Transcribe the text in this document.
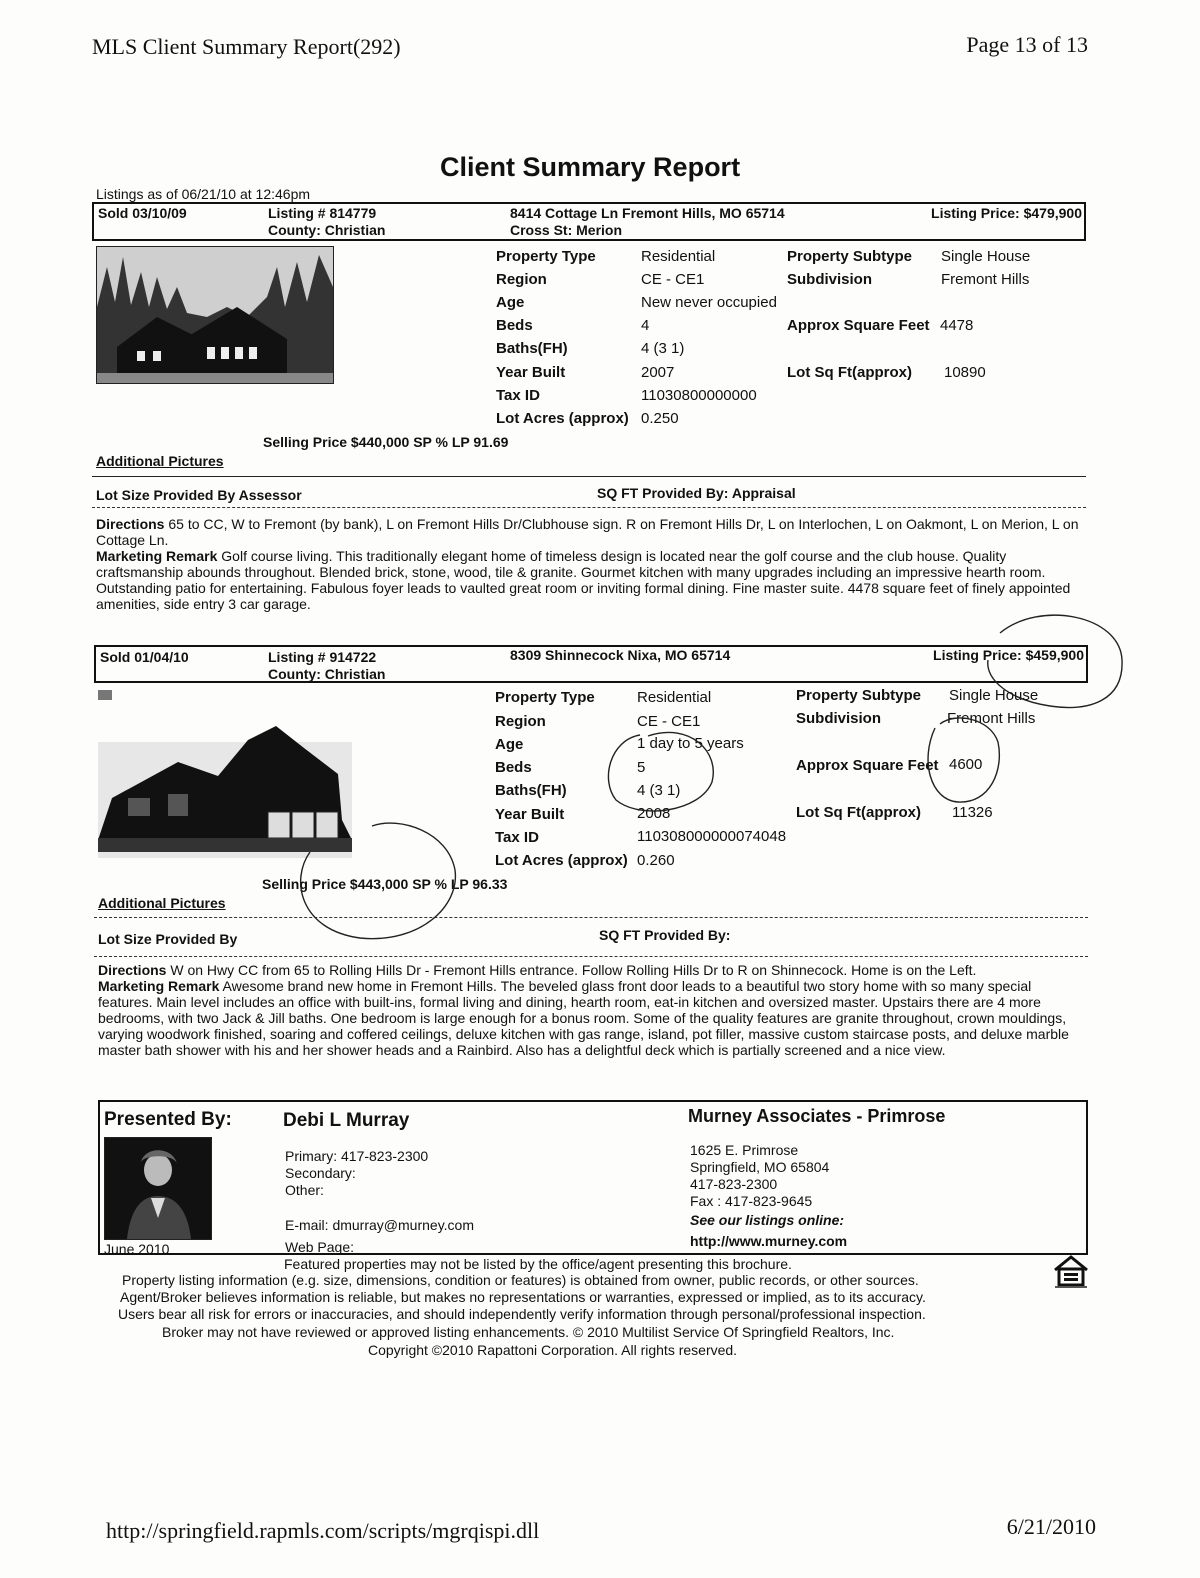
MLS Client Summary Report(292)	Page 13 of 13
Client Summary Report
Listings as of 06/21/10 at 12:46pm
Sold 03/10/09	Listing # 814779
County: Christian
8414 Cottage Ln Fremont Hills, MO 65714
Cross St: Merion
Listing Price: $479,900
Property Type	Residential	Property Subtype Single House
Region	CE - CE1	Subdivision	Fremont Hills
Age	New never occupied
Beds	4	Approx Square Feet 4478
Baths(FH)	4 (3 1)
Year Built	2007	Lot Sq Ft(approx) 10890
Tax ID	11030800000000
Lot Acres (approx) 0.250
Selling Price $440,000 SP % LP 91.69
Additional Pictures
Lot Size Provided By Assessor	SQ FT Provided By: Appraisal
Directions 65 to CC, W to Fremont (by bank), L on Fremont Hills Dr/Clubhouse sign. R on Fremont Hills Dr, L on Interlochen, L on Oakmont, L on Merion, L on Cottage Ln.
Marketing Remark Golf course living. This traditionally elegant home of timeless design is located near the golf course and the club house. Quality craftsmanship abounds throughout. Blended brick, stone, wood, tile & granite. Gourmet kitchen with many upgrades including an impressive hearth room. Outstanding patio for entertaining. Fabulous foyer leads to vaulted great room or inviting formal dining. Fine master suite. 4478 square feet of finely appointed amenities, side entry 3 car garage.
Sold 01/04/10	Listing # 914722
County: Christian
8309 Shinnecock Nixa, MO 65714	Listing Price: $459,900
Property Type	Residential	Property Subtype Single House
Region	CE - CE1	Subdivision	Fremont Hills
Age	1 day to 5 years
Beds	5	Approx Square Feet 4600
Baths(FH)	4 (3 1)
Year Built	2008	Lot Sq Ft(approx) 11326
Tax ID	110308000000074048
Lot Acres (approx) 0.260
Selling Price $443,000 SP % LP 96.33
Additional Pictures
Lot Size Provided By	SQ FT Provided By:
Directions W on Hwy CC from 65 to Rolling Hills Dr - Fremont Hills entrance. Follow Rolling Hills Dr to R on Shinnecock. Home is on the Left.
Marketing Remark Awesome brand new home in Fremont Hills. The beveled glass front door leads to a beautiful two story home with so many special features. Main level includes an office with built-ins, formal living and dining, hearth room, eat-in kitchen and oversized master. Upstairs there are 4 more bedrooms, with two Jack & Jill baths. One bedroom is large enough for a bonus room. Some of the quality features are granite throughout, crown mouldings, varying woodwork finished, soaring and coffered ceilings, deluxe kitchen with gas range, island, pot filler, massive custom staircase posts, and deluxe marble master bath shower with his and her shower heads and a Rainbird. Also has a delightful deck which is partially screened and a nice view.
Presented By:
June 2010
Debi L Murray
Primary: 417-823-2300
Secondary:
Other:
E-mail: dmurray@murney.com
Web Page:
Murney Associates - Primrose
1625 E. Primrose
Springfield, MO 65804
417-823-2300
Fax : 417-823-9645
See our listings online:
http://www.murney.com
Featured properties may not be listed by the office/agent presenting this brochure.
Property listing information (e.g. size, dimensions, condition or features) is obtained from owner, public records, or other sources.
Agent/Broker believes information is reliable, but makes no representations or warranties, expressed or implied, as to its accuracy.
Users bear all risk for errors or inaccuracies, and should independently verify information through personal/professional inspection.
Broker may not have reviewed or approved listing enhancements. © 2010 Multilist Service Of Springfield Realtors, Inc.
Copyright ©2010 Rapattoni Corporation. All rights reserved.
http://springfield.rapmls.com/scripts/mgrqispi.dll	6/21/2010
